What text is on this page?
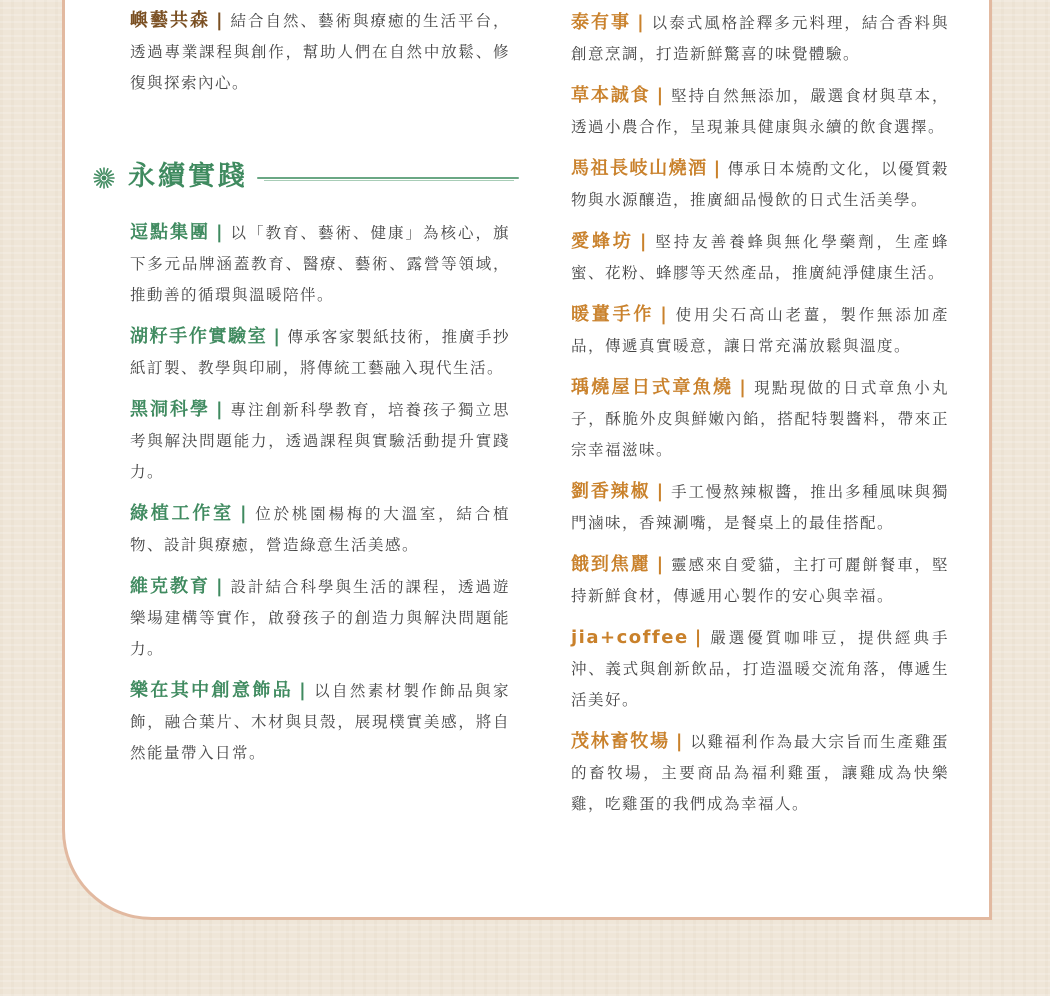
嶼藝共森 | 結合自然、藝術與療癒的生活平台，透過專業課程與創作，幫助人們在自然中放鬆、修復與探索內心。

永續實踐

逗點集團 | 以「教育、藝術、健康」為核心，旗下多元品牌涵蓋教育、醫療、藝術、露營等領域，推動善的循環與溫暖陪伴。

湖籽手作實驗室 | 傳承客家製紙技術，推廣手抄紙訂製、教學與印刷，將傳統工藝融入現代生活。

黑洞科學 | 專注創新科學教育，培養孩子獨立思考與解決問題能力，透過課程與實驗活動提升實踐力。

綠植工作室 | 位於桃園楊梅的大溫室，結合植物、設計與療癒，營造綠意生活美感。

維克教育 | 設計結合科學與生活的課程，透過遊樂場建構等實作，啟發孩子的創造力與解決問題能力。

樂在其中創意飾品 | 以自然素材製作飾品與家飾，融合葉片、木材與貝殼，展現樸實美感，將自然能量帶入日常。

泰有事 | 以泰式風格詮釋多元料理，結合香料與創意烹調，打造新鮮驚喜的味覺體驗。

草本誠食 | 堅持自然無添加，嚴選食材與草本，透過小農合作，呈現兼具健康與永續的飲食選擇。

馬祖長岐山燒酒 | 傳承日本燒酌文化，以優質穀物與水源釀造，推廣細品慢飲的日式生活美學。

愛蜂坊 | 堅持友善養蜂與無化學藥劑，生產蜂蜜、花粉、蜂膠等天然產品，推廣純淨健康生活。

暖薑手作 | 使用尖石高山老薑，製作無添加產品，傳遞真實暖意，讓日常充滿放鬆與溫度。

瑀燒屋日式章魚燒 | 現點現做的日式章魚小丸子，酥脆外皮與鮮嫩內餡，搭配特製醬料，帶來正宗幸福滋味。

劉香辣椒 | 手工慢熬辣椒醬，推出多種風味與獨門滷味，香辣涮嘴，是餐桌上的最佳搭配。

餓到焦麗 | 靈感來自愛貓，主打可麗餅餐車，堅持新鮮食材，傳遞用心製作的安心與幸福。

jia+coffee | 嚴選優質咖啡豆，提供經典手沖、義式與創新飲品，打造溫暖交流角落，傳遞生活美好。

茂林畜牧場 | 以雞福利作為最大宗旨而生產雞蛋的畜牧場，主要商品為福利雞蛋，讓雞成為快樂雞，吃雞蛋的我們成為幸福人。
